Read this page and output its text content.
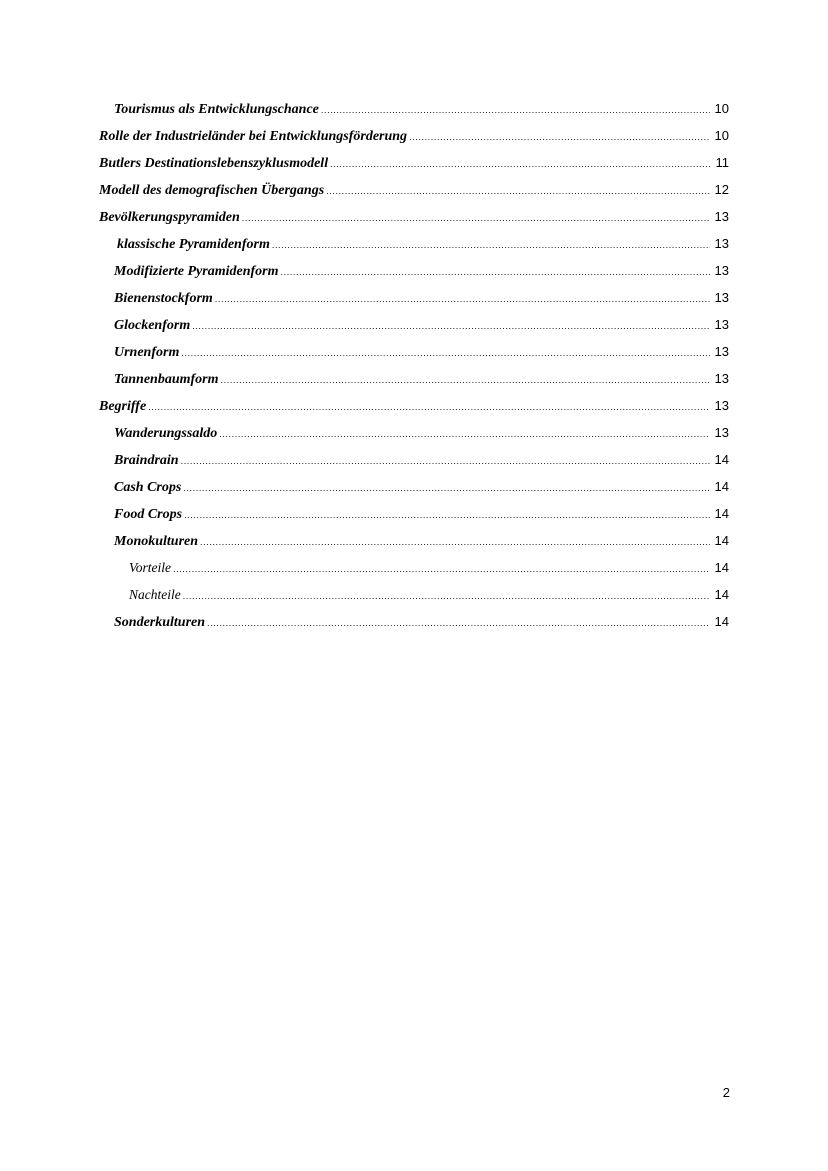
Tourismus als Entwicklungschance .....	10
Rolle der Industrieländer bei Entwicklungsförderung .....	10
Butlers Destinationslebenszyklusmodell .....	11
Modell des demografischen Übergangs .....	12
Bevölkerungspyramiden .....	13
klassische Pyramidenform .....	13
Modifizierte Pyramidenform .....	13
Bienenstockform .....	13
Glockenform .....	13
Urnenform .....	13
Tannenbaumform .....	13
Begriffe .....	13
Wanderungssaldo .....	13
Braindrain .....	14
Cash Crops .....	14
Food Crops .....	14
Monokulturen .....	14
Vorteile .....	14
Nachteile .....	14
Sonderkulturen .....	14
2
